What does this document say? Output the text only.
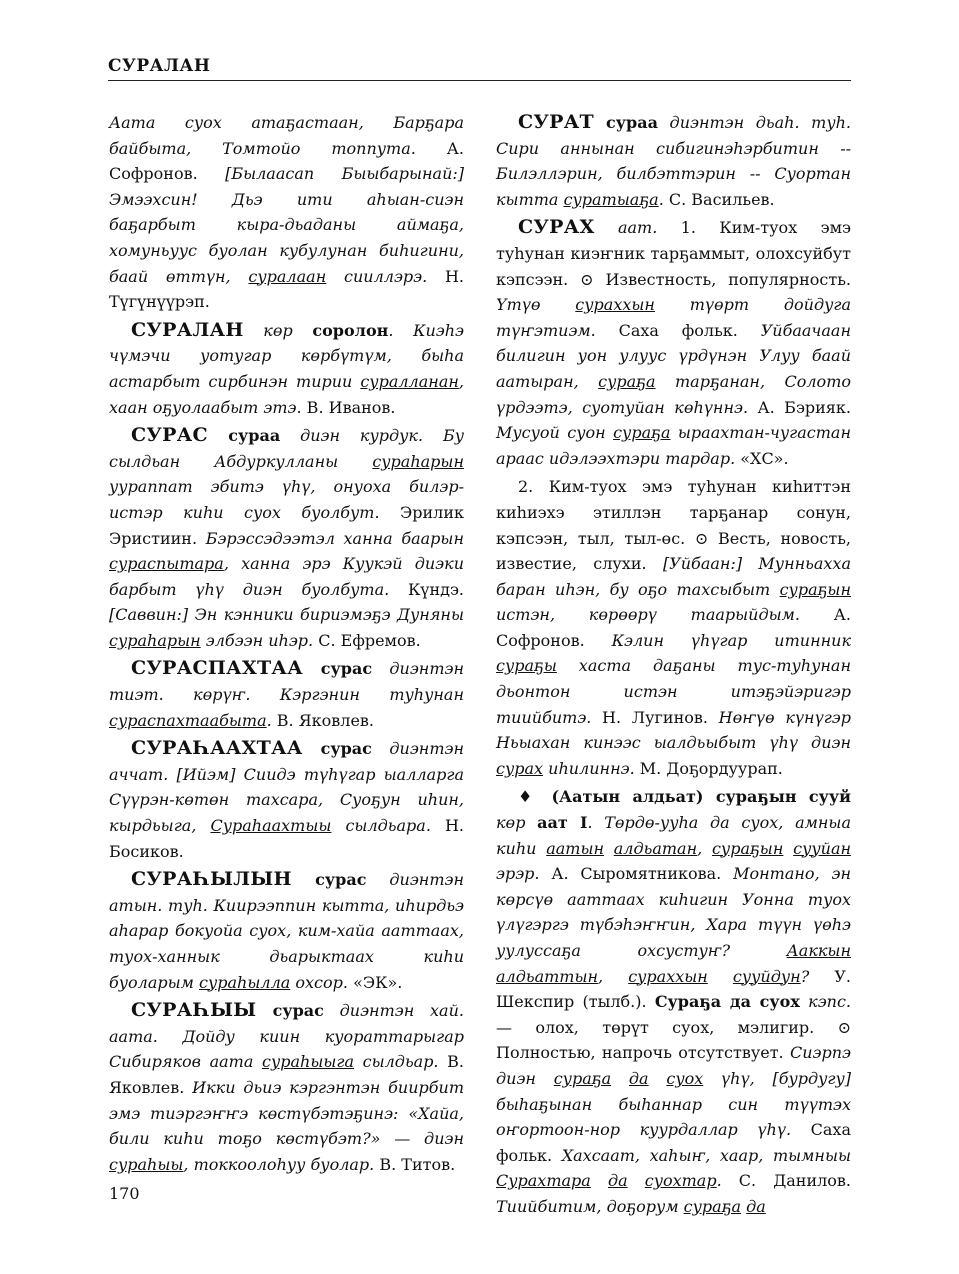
СУРАЛАН

Аата суох атаҕастаан, Барҕара байбыта, Томтойо топпута. А. Софронов. [Былаасап Быыбарынай:] Эмээхсин! Дьэ ити аһыан-сиэн баҕарбыт кыра-дьаданы аймаҕа, хомуньуус буолан кубулунан биһигини, баай өттүн, суралаан сииллэрэ. Н. Түгүнүүрэп.

СУРАЛАН көр соролон. Киэһэ чүмэчи уотугар көрбүтүм, быһа астарбыт сирбинэн тирии суралланан, хаан оҕуолаабыт этэ. В. Иванов.

СУРАС сураа диэн курдук. Бу сылдьан Абдуркулланы сураһарын уураппат эбитэ үһү, онуоха билэр-истэр киһи суох буолбут. Эрилик Эристиин. Бэрэссэдээтэл ханна баарын сураспытара, ханна эрэ Куукэй диэки барбыт үһү диэн буолбута. Күндэ. [Саввин:] Эн кэнники бириэмэҕэ Дуняны сураһарын элбээн иһэр. С. Ефремов.

СУРАСПАХТАА сурас диэнтэн тиэт. көрүҥ. Кэргэнин туһунан сураспахтаабыта. В. Яковлев.

СУРАҺААХТАА сурас диэнтэн аччат. [Ийэм] Сиидэ түһүгар ыалларга Сүүрэн-көтөн тахсара, Суоҕун иһин, кырдьыга, Сураһаахтыы сылдьара. Н. Босиков.

СУРАҺЫЛЫН сурас диэнтэн атын. туһ. Киирээппин кытта, иһирдьэ аһарар бокуойа суох, ким-хайа ааттаах, туох-ханнык дьарыктаах киһи буоларым сураһылла охсор. «ЭК».

СУРАҺЫЫ сурас диэнтэн хай. аата. Дойду киин куораттарыгар Сибиряков аата сураһыыга сылдьар. В. Яковлев. Икки дьиэ кэргэнтэн биирбит эмэ тиэргэҥҥэ көстүбэтэҕинэ: «Хайа, били киһи тоҕо көстүбэт?» — диэн сураһыы, токкоолоһуу буолар. В. Титов.

СУРАТ сураа диэнтэн дьаһ. туһ. Сири аннынан сибигинэһэрбитин -- Билэллэрин, билбэттэрин -- Суортан кытта суратыаҕа. С. Васильев.

СУРАХ аат. 1. Ким-туох эмэ туһунан киэҥник тарҕаммыт, олохсуйбут кэпсээн. ⊙ Известность, популярность. Үтүө сураххын түөрт дойдуга түҥэтиэм. Саха фольк. Уйбаачаан билигин уон улуус үрдүнэн Улуу баай аатыран, сураҕа тарҕанан, Солото үрдээтэ, суотуйан көһүннэ. А. Бэрияк. Мусуой суон сураҕа ыраахтан-чугастан араас идэлээхтэри тардар. «ХС».

2. Ким-туох эмэ туһунан киһиттэн киһиэхэ этиллэн тарҕанар сонун, кэпсээн, тыл, тыл-өс. ⊙ Весть, новость, известие, слухи. [Уйбаан:] Мунньахха баран иһэн, бу оҕо тахсыбыт сураҕын истэн, көрөөрү таарыйдым. А. Софронов. Кэлин үһүгар итинник сураҕы хаста даҕаны тус-туһунан дьонтон истэн итэҕэйэригэр тиийбитэ. Н. Лугинов. Нөҥүө күнүгэр Ньыахан кинээс ыалдьыбыт үһү диэн сурах иһилиннэ. М. Доҕордуурап.

♦ (Аатын алдьат) сураҕын сууй көр аат I. Төрдө-ууһа да суох, амныа киһи аатын алдьатан, сураҕын сууйан эрэр. А. Сыромятникова. Монтано, эн көрсүө ааттаах киһигин Уонна туох үлүгэргэ түбэһэҥҥин, Хара түүн үөһэ уулуссаҕа охсустуҥ? Ааккын алдьаттын, сураххын сууйдун? У. Шекспир (тылб.). Сураҕа да суох кэпс. — олох, төрүт суох, мэлигир. ⊙ Полностью, напрочь отсутствует. Сиэрпэ диэн сураҕа да суох үһү, [бурдугу] быһаҕынан быһаннар син түүтэх оҥортоон-нор куурдаллар үһү. Саха фольк. Хахсаат, хаһыҥ, хаар, тымныы Сурахтара да суохтар. С. Данилов. Тиийбитим, доҕорум сураҕа да

170
